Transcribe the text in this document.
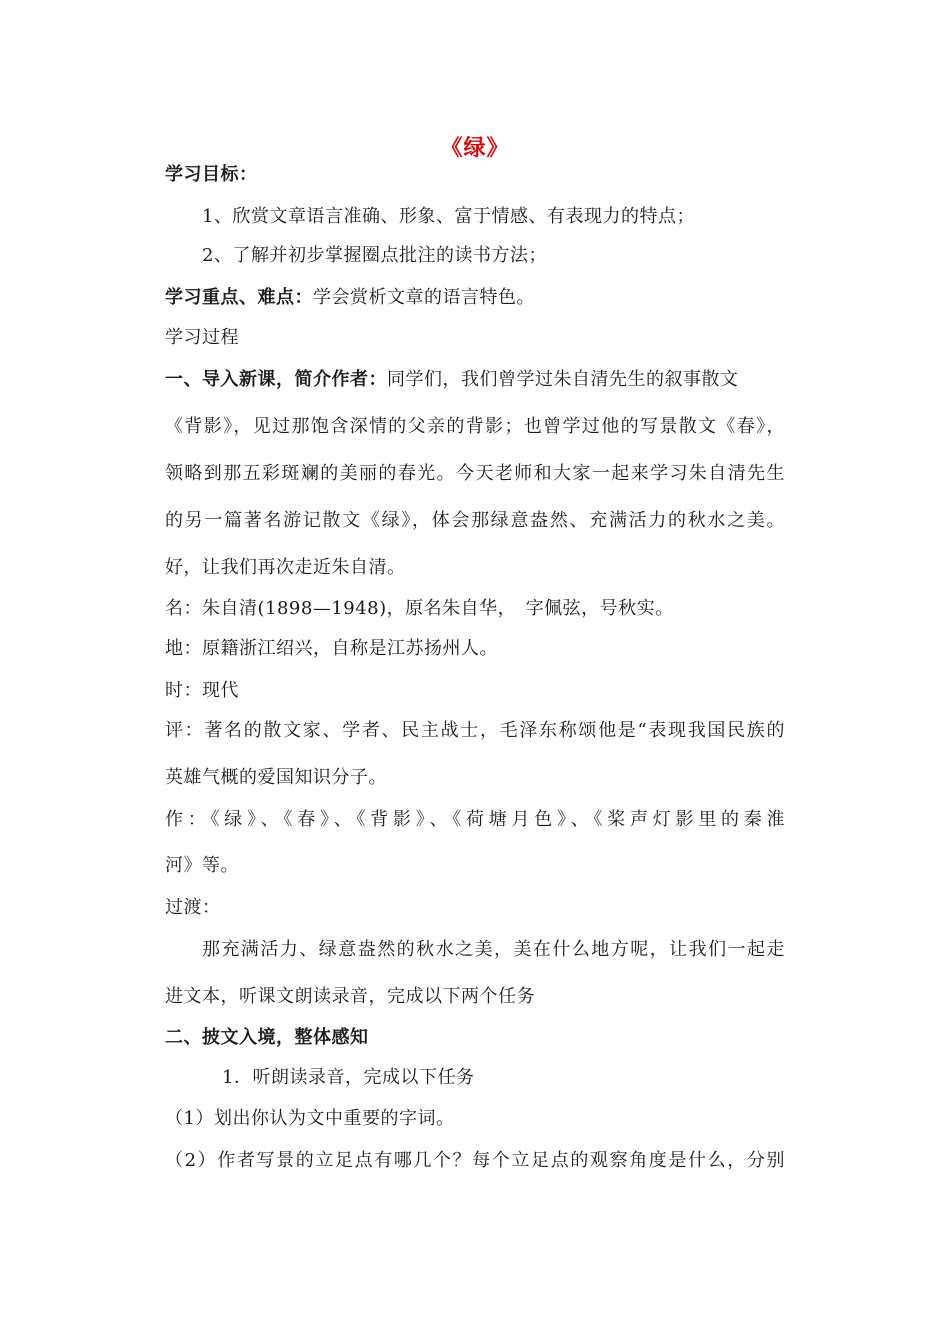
《绿》
学习目标：
1、欣赏文章语言准确、形象、富于情感、有表现力的特点；
2、了解并初步掌握圈点批注的读书方法；
学习重点、难点：学会赏析文章的语言特色。
学习过程
一、导入新课，简介作者：同学们，我们曾学过朱自清先生的叙事散文
《背影》，见过那饱含深情的父亲的背影；也曾学过他的写景散文《春》，
领略到那五彩斑斓的美丽的春光。今天老师和大家一起来学习朱自清先生
的另一篇著名游记散文《绿》，体会那绿意盎然、充满活力的秋水之美。
好，让我们再次走近朱自清。
名：朱自清(1898—1948)，原名朱自华，　字佩弦，号秋实。
地：原籍浙江绍兴，自称是江苏扬州人。
时：现代
评：著名的散文家、学者、民主战士，毛泽东称颂他是“表现我国民族的
英雄气概的爱国知识分子。
作：《绿》、《春》、《背影》、《荷塘月色》、《桨声灯影里的秦淮
河》等。
过渡：
那充满活力、绿意盎然的秋水之美，美在什么地方呢，让我们一起走
进文本，听课文朗读录音，完成以下两个任务
二、披文入境，整体感知
1．听朗读录音，完成以下任务
（1）划出你认为文中重要的字词。
（2）作者写景的立足点有哪几个？每个立足点的观察角度是什么，分别
